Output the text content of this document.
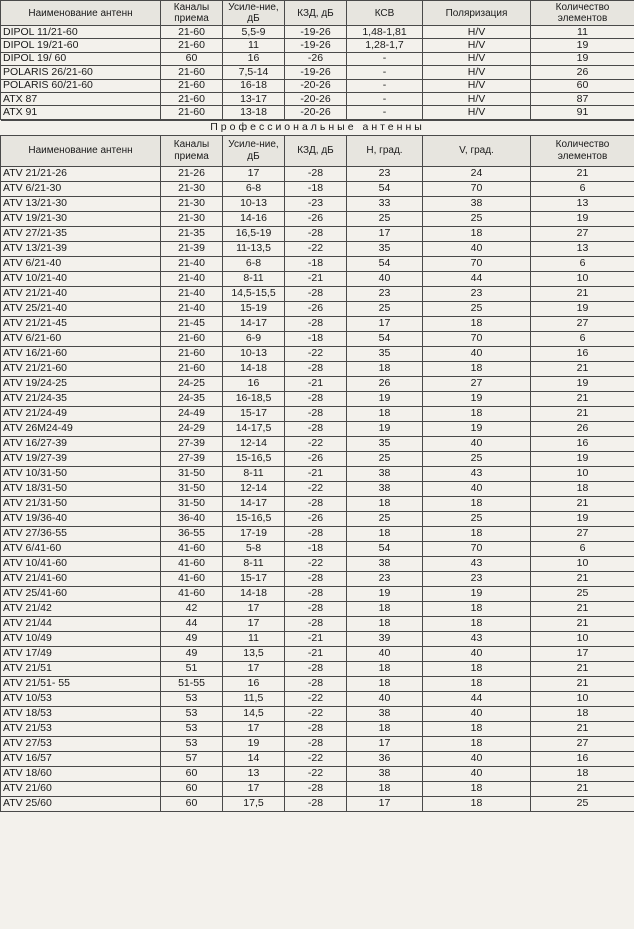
Наименование антенн	Каналы приема	Усиле-ние, дБ	КЗД, дБ	КСВ	Поляризация	Количество элементов
DIPOL 11/21-60	21-60	5,5-9	-19-26	1,48-1,81	H/V	11
DIPOL 19/21-60	21-60	11	-19-26	1,28-1,7	H/V	19
DIPOL 19/ 60	60	16	-26	-	H/V	19
POLARIS 26/21-60	21-60	7,5-14	-19-26	-	H/V	26
POLARIS 60/21-60	21-60	16-18	-20-26	-	H/V	60
ATX 87	21-60	13-17	-20-26	-	H/V	87
ATX 91	21-60	13-18	-20-26	-	H/V	91
Профессиональные антенны						
Наименование антенн	Каналы приема	Усиле-ние, дБ	КЗД, дБ	H, град.	V, град.	Количество элементов
ATV 21/21-26	21-26	17	-28	23	24	21
ATV 6/21-30	21-30	6-8	-18	54	70	6
ATV 13/21-30	21-30	10-13	-23	33	38	13
ATV 19/21-30	21-30	14-16	-26	25	25	19
ATV 27/21-35	21-35	16,5-19	-28	17	18	27
ATV 13/21-39	21-39	11-13,5	-22	35	40	13
ATV 6/21-40	21-40	6-8	-18	54	70	6
ATV 10/21-40	21-40	8-11	-21	40	44	10
ATV 21/21-40	21-40	14,5-15,5	-28	23	23	21
ATV 25/21-40	21-40	15-19	-26	25	25	19
ATV 21/21-45	21-45	14-17	-28	17	18	27
ATV 6/21-60	21-60	6-9	-18	54	70	6
ATV 16/21-60	21-60	10-13	-22	35	40	16
ATV 21/21-60	21-60	14-18	-28	18	18	21
ATV 19/24-25	24-25	16	-21	26	27	19
ATV 21/24-35	24-35	16-18,5	-28	19	19	21
ATV 21/24-49	24-49	15-17	-28	18	18	21
ATV 26M24-49	24-29	14-17,5	-28	19	19	26
ATV 16/27-39	27-39	12-14	-22	35	40	16
ATV 19/27-39	27-39	15-16,5	-26	25	25	19
ATV 10/31-50	31-50	8-11	-21	38	43	10
ATV 18/31-50	31-50	12-14	-22	38	40	18
ATV 21/31-50	31-50	14-17	-28	18	18	21
ATV 19/36-40	36-40	15-16,5	-26	25	25	19
ATV 27/36-55	36-55	17-19	-28	18	18	27
ATV 6/41-60	41-60	5-8	-18	54	70	6
ATV 10/41-60	41-60	8-11	-22	38	43	10
ATV 21/41-60	41-60	15-17	-28	23	23	21
ATV 25/41-60	41-60	14-18	-28	19	19	25
ATV 21/42	42	17	-28	18	18	21
ATV 21/44	44	17	-28	18	18	21
ATV 10/49	49	11	-21	39	43	10
ATV 17/49	49	13,5	-21	40	40	17
ATV 21/51	51	17	-28	18	18	21
ATV 21/51- 55	51-55	16	-28	18	18	21
ATV 10/53	53	11,5	-22	40	44	10
ATV 18/53	53	14,5	-22	38	40	18
ATV 21/53	53	17	-28	18	18	21
ATV 27/53	53	19	-28	17	18	27
ATV 16/57	57	14	-22	36	40	16
ATV 18/60	60	13	-22	38	40	18
ATV 21/60	60	17	-28	18	18	21
ATV 25/60	60	17,5	-28	17	18	25
